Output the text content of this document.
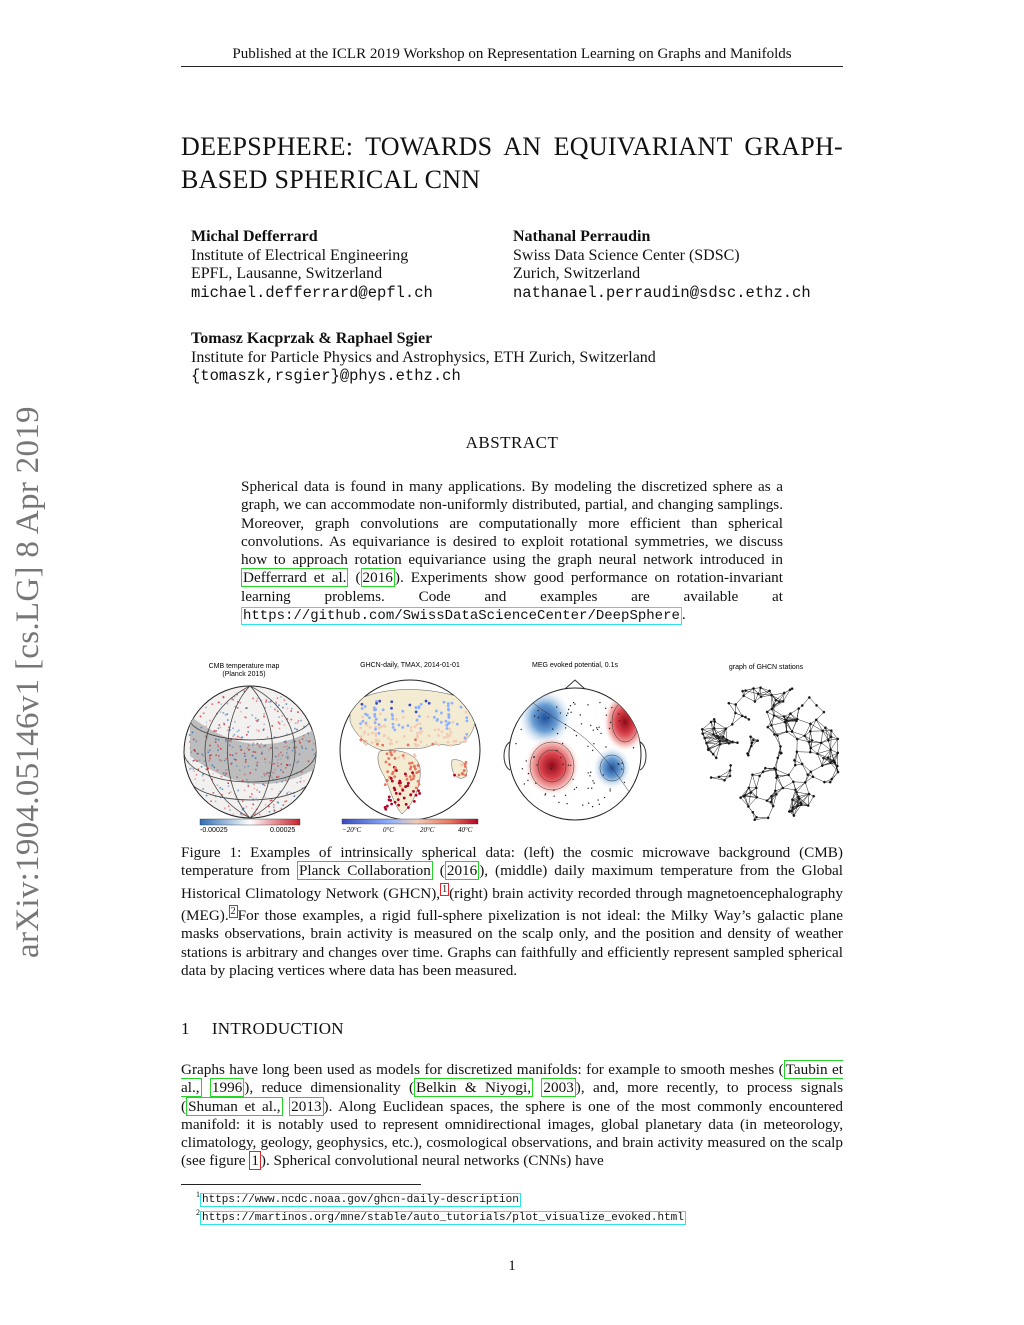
Published at the ICLR 2019 Workshop on Representation Learning on Graphs and Manifolds
arXiv:1904.05146v1 [cs.LG] 8 Apr 2019
DEEPSPHERE: TOWARDS AN EQUIVARIANT GRAPH-
BASED SPHERICAL CNN
Michal Defferrard
Institute of Electrical Engineering
EPFL, Lausanne, Switzerland
michael.defferrard@epfl.ch
Nathanal Perraudin
Swiss Data Science Center (SDSC)
Zurich, Switzerland
nathanael.perraudin@sdsc.ethz.ch
Tomasz Kacprzak & Raphael Sgier
Institute for Particle Physics and Astrophysics, ETH Zurich, Switzerland
{tomaszk,rsgier}@phys.ethz.ch
ABSTRACT
Spherical data is found in many applications. By modeling the discretized sphere as a graph, we can accommodate non-uniformly distributed, partial, and changing samplings. Moreover, graph convolutions are computationally more efficient than spherical convolutions. As equivariance is desired to exploit rotational symmetries, we discuss how to approach rotation equivariance using the graph neural network introduced in Defferrard et al. ( 2016 ). Experiments show good performance on rotation-invariant learning problems. Code and examples are available at https://github.com/SwissDataScienceCenter/DeepSphere .
CMB temperature map
(Planck 2015)
-0.00025	0.00025
GHCN-daily, TMAX, 2014-01-01
−20°C	0°C	20°C	40°C
MEG evoked potential, 0.1s	graph of GHCN stations
Figure 1: Examples of intrinsically spherical data: (left) the cosmic microwave background (CMB) temperature from Planck Collaboration ( 2016 ), (middle) daily maximum temperature from the Global Historical Climatology Network (GHCN), $^1$ (right) brain activity recorded through magnetoencephalography (MEG). $^2$ For those examples, a rigid full-sphere pixelization is not ideal: the Milky Way’s galactic plane masks observations, brain activity is measured on the scalp only, and the position and density of weather stations is arbitrary and changes over time. Graphs can faithfully and efficiently represent sampled spherical data by placing vertices where data has been measured.
1 INTRODUCTION
Graphs have long been used as models for discretized manifolds: for example to smooth meshes ( Taubin et al., 1996 ), reduce dimensionality ( Belkin & Niyogi, 2003 ), and, more recently, to process signals ( Shuman et al., 2013 ). Along Euclidean spaces, the sphere is one of the most commonly encountered manifold: it is notably used to represent omnidirectional images, global planetary data (in meteorology, climatology, geology, geophysics, etc.), cosmological observations, and brain activity measured on the scalp (see figure 1 ). Spherical convolutional neural networks (CNNs) have
$^1$ https://www.ncdc.noaa.gov/ghcn-daily-description
$^2$ https://martinos.org/mne/stable/auto_tutorials/plot_visualize_evoked.html
1
